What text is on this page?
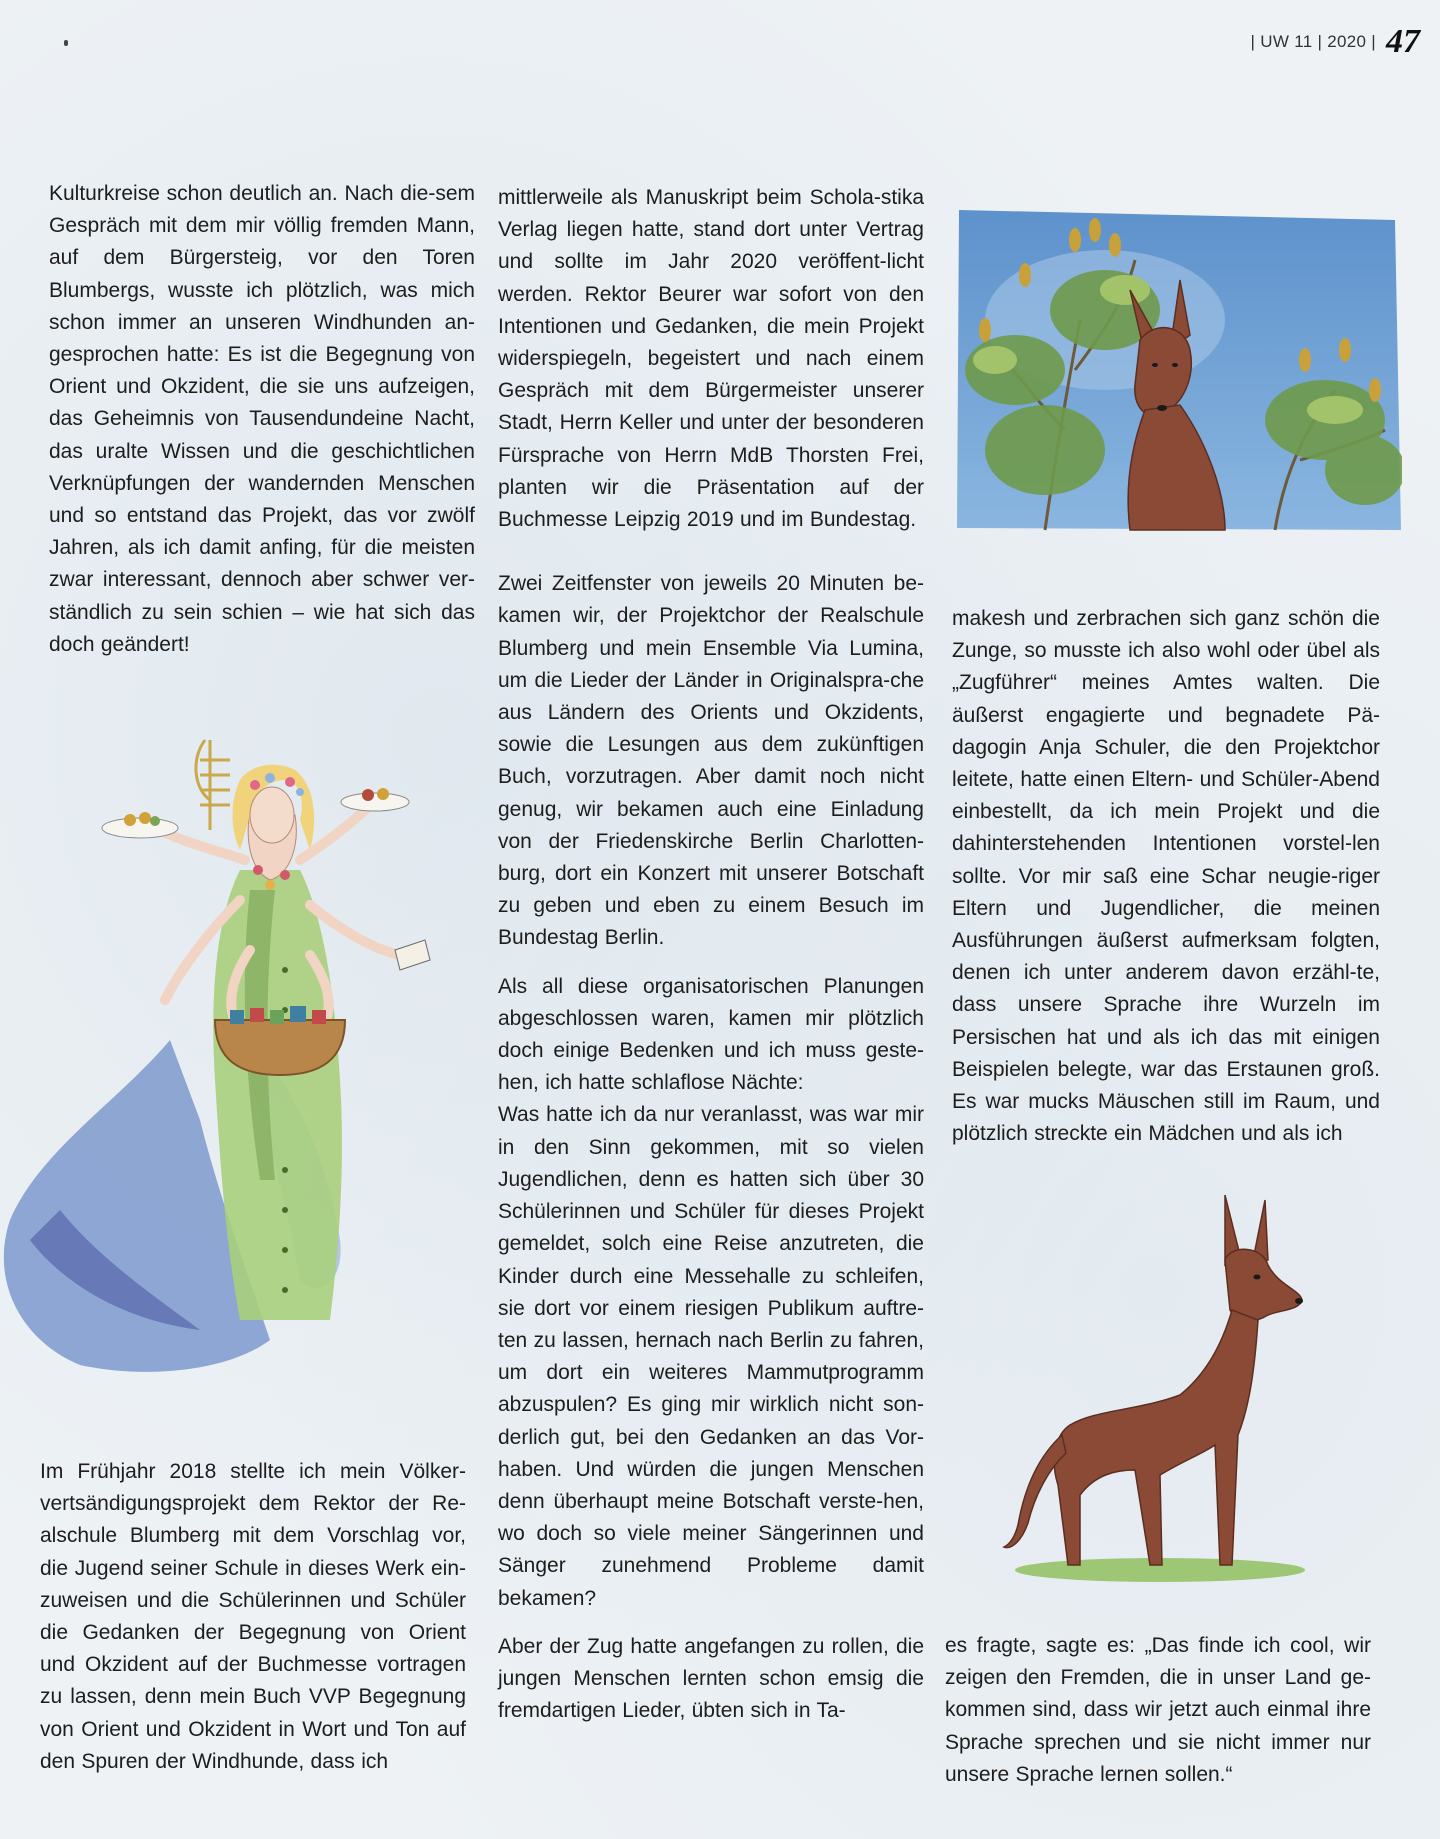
| UW 11 | 2020 | 47

Kulturkreise schon deutlich an. Nach die-sem Gespräch mit dem mir völlig fremden Mann, auf dem Bürgersteig, vor den Toren Blumbergs, wusste ich plötzlich, was mich schon immer an unseren Windhunden an-gesprochen hatte: Es ist die Begegnung von Orient und Okzident, die sie uns aufzeigen, das Geheimnis von Tausendundeine Nacht, das uralte Wissen und die geschichtlichen Verknüpfungen der wandernden Menschen und so entstand das Projekt, das vor zwölf Jahren, als ich damit anfing, für die meisten zwar interessant, dennoch aber schwer ver-ständlich zu sein schien – wie hat sich das doch geändert!

Im Frühjahr 2018 stellte ich mein Völker-vertsändigungsprojekt dem Rektor der Re-alschule Blumberg mit dem Vorschlag vor, die Jugend seiner Schule in dieses Werk ein-zuweisen und die Schülerinnen und Schüler die Gedanken der Begegnung von Orient und Okzident auf der Buchmesse vortragen zu lassen, denn mein Buch VVP Begegnung von Orient und Okzident in Wort und Ton auf den Spuren der Windhunde, dass ich

mittlerweile als Manuskript beim Schola-stika Verlag liegen hatte, stand dort unter Vertrag und sollte im Jahr 2020 veröffent-licht werden. Rektor Beurer war sofort von den Intentionen und Gedanken, die mein Projekt widerspiegeln, begeistert und nach einem Gespräch mit dem Bürgermeister unserer Stadt, Herrn Keller und unter der besonderen Fürsprache von Herrn MdB Thorsten Frei, planten wir die Präsentation auf der Buchmesse Leipzig 2019 und im Bundestag.

Zwei Zeitfenster von jeweils 20 Minuten be-kamen wir, der Projektchor der Realschule Blumberg und mein Ensemble Via Lumina, um die Lieder der Länder in Originalspra-che aus Ländern des Orients und Okzidents, sowie die Lesungen aus dem zukünftigen Buch, vorzutragen. Aber damit noch nicht genug, wir bekamen auch eine Einladung von der Friedenskirche Berlin Charlotten-burg, dort ein Konzert mit unserer Botschaft zu geben und eben zu einem Besuch im Bundestag Berlin.

Als all diese organisatorischen Planungen abgeschlossen waren, kamen mir plötzlich doch einige Bedenken und ich muss geste-hen, ich hatte schlaflose Nächte:

Was hatte ich da nur veranlasst, was war mir in den Sinn gekommen, mit so vielen Jugendlichen, denn es hatten sich über 30 Schülerinnen und Schüler für dieses Projekt gemeldet, solch eine Reise anzutreten, die Kinder durch eine Messehalle zu schleifen, sie dort vor einem riesigen Publikum auftre-ten zu lassen, hernach nach Berlin zu fahren, um dort ein weiteres Mammutprogramm abzuspulen? Es ging mir wirklich nicht son-derlich gut, bei den Gedanken an das Vor-haben. Und würden die jungen Menschen denn überhaupt meine Botschaft verste-hen, wo doch so viele meiner Sängerinnen und Sänger zunehmend Probleme damit bekamen?

Aber der Zug hatte angefangen zu rollen, die jungen Menschen lernten schon emsig die fremdartigen Lieder, übten sich in Ta-

makesh und zerbrachen sich ganz schön die Zunge, so musste ich also wohl oder übel als „Zugführer“ meines Amtes walten. Die äußerst engagierte und begnadete Pä-dagogin Anja Schuler, die den Projektchor leitete, hatte einen Eltern- und Schüler-Abend einbestellt, da ich mein Projekt und die dahinterstehenden Intentionen vorstel-len sollte. Vor mir saß eine Schar neugie-riger Eltern und Jugendlicher, die meinen Ausführungen äußerst aufmerksam folgten, denen ich unter anderem davon erzähl-te, dass unsere Sprache ihre Wurzeln im Persischen hat und als ich das mit einigen Beispielen belegte, war das Erstaunen groß. Es war mucks Mäuschen still im Raum, und plötzlich streckte ein Mädchen und als ich

es fragte, sagte es: „Das finde ich cool, wir zeigen den Fremden, die in unser Land ge-kommen sind, dass wir jetzt auch einmal ihre Sprache sprechen und sie nicht immer nur unsere Sprache lernen sollen.“
